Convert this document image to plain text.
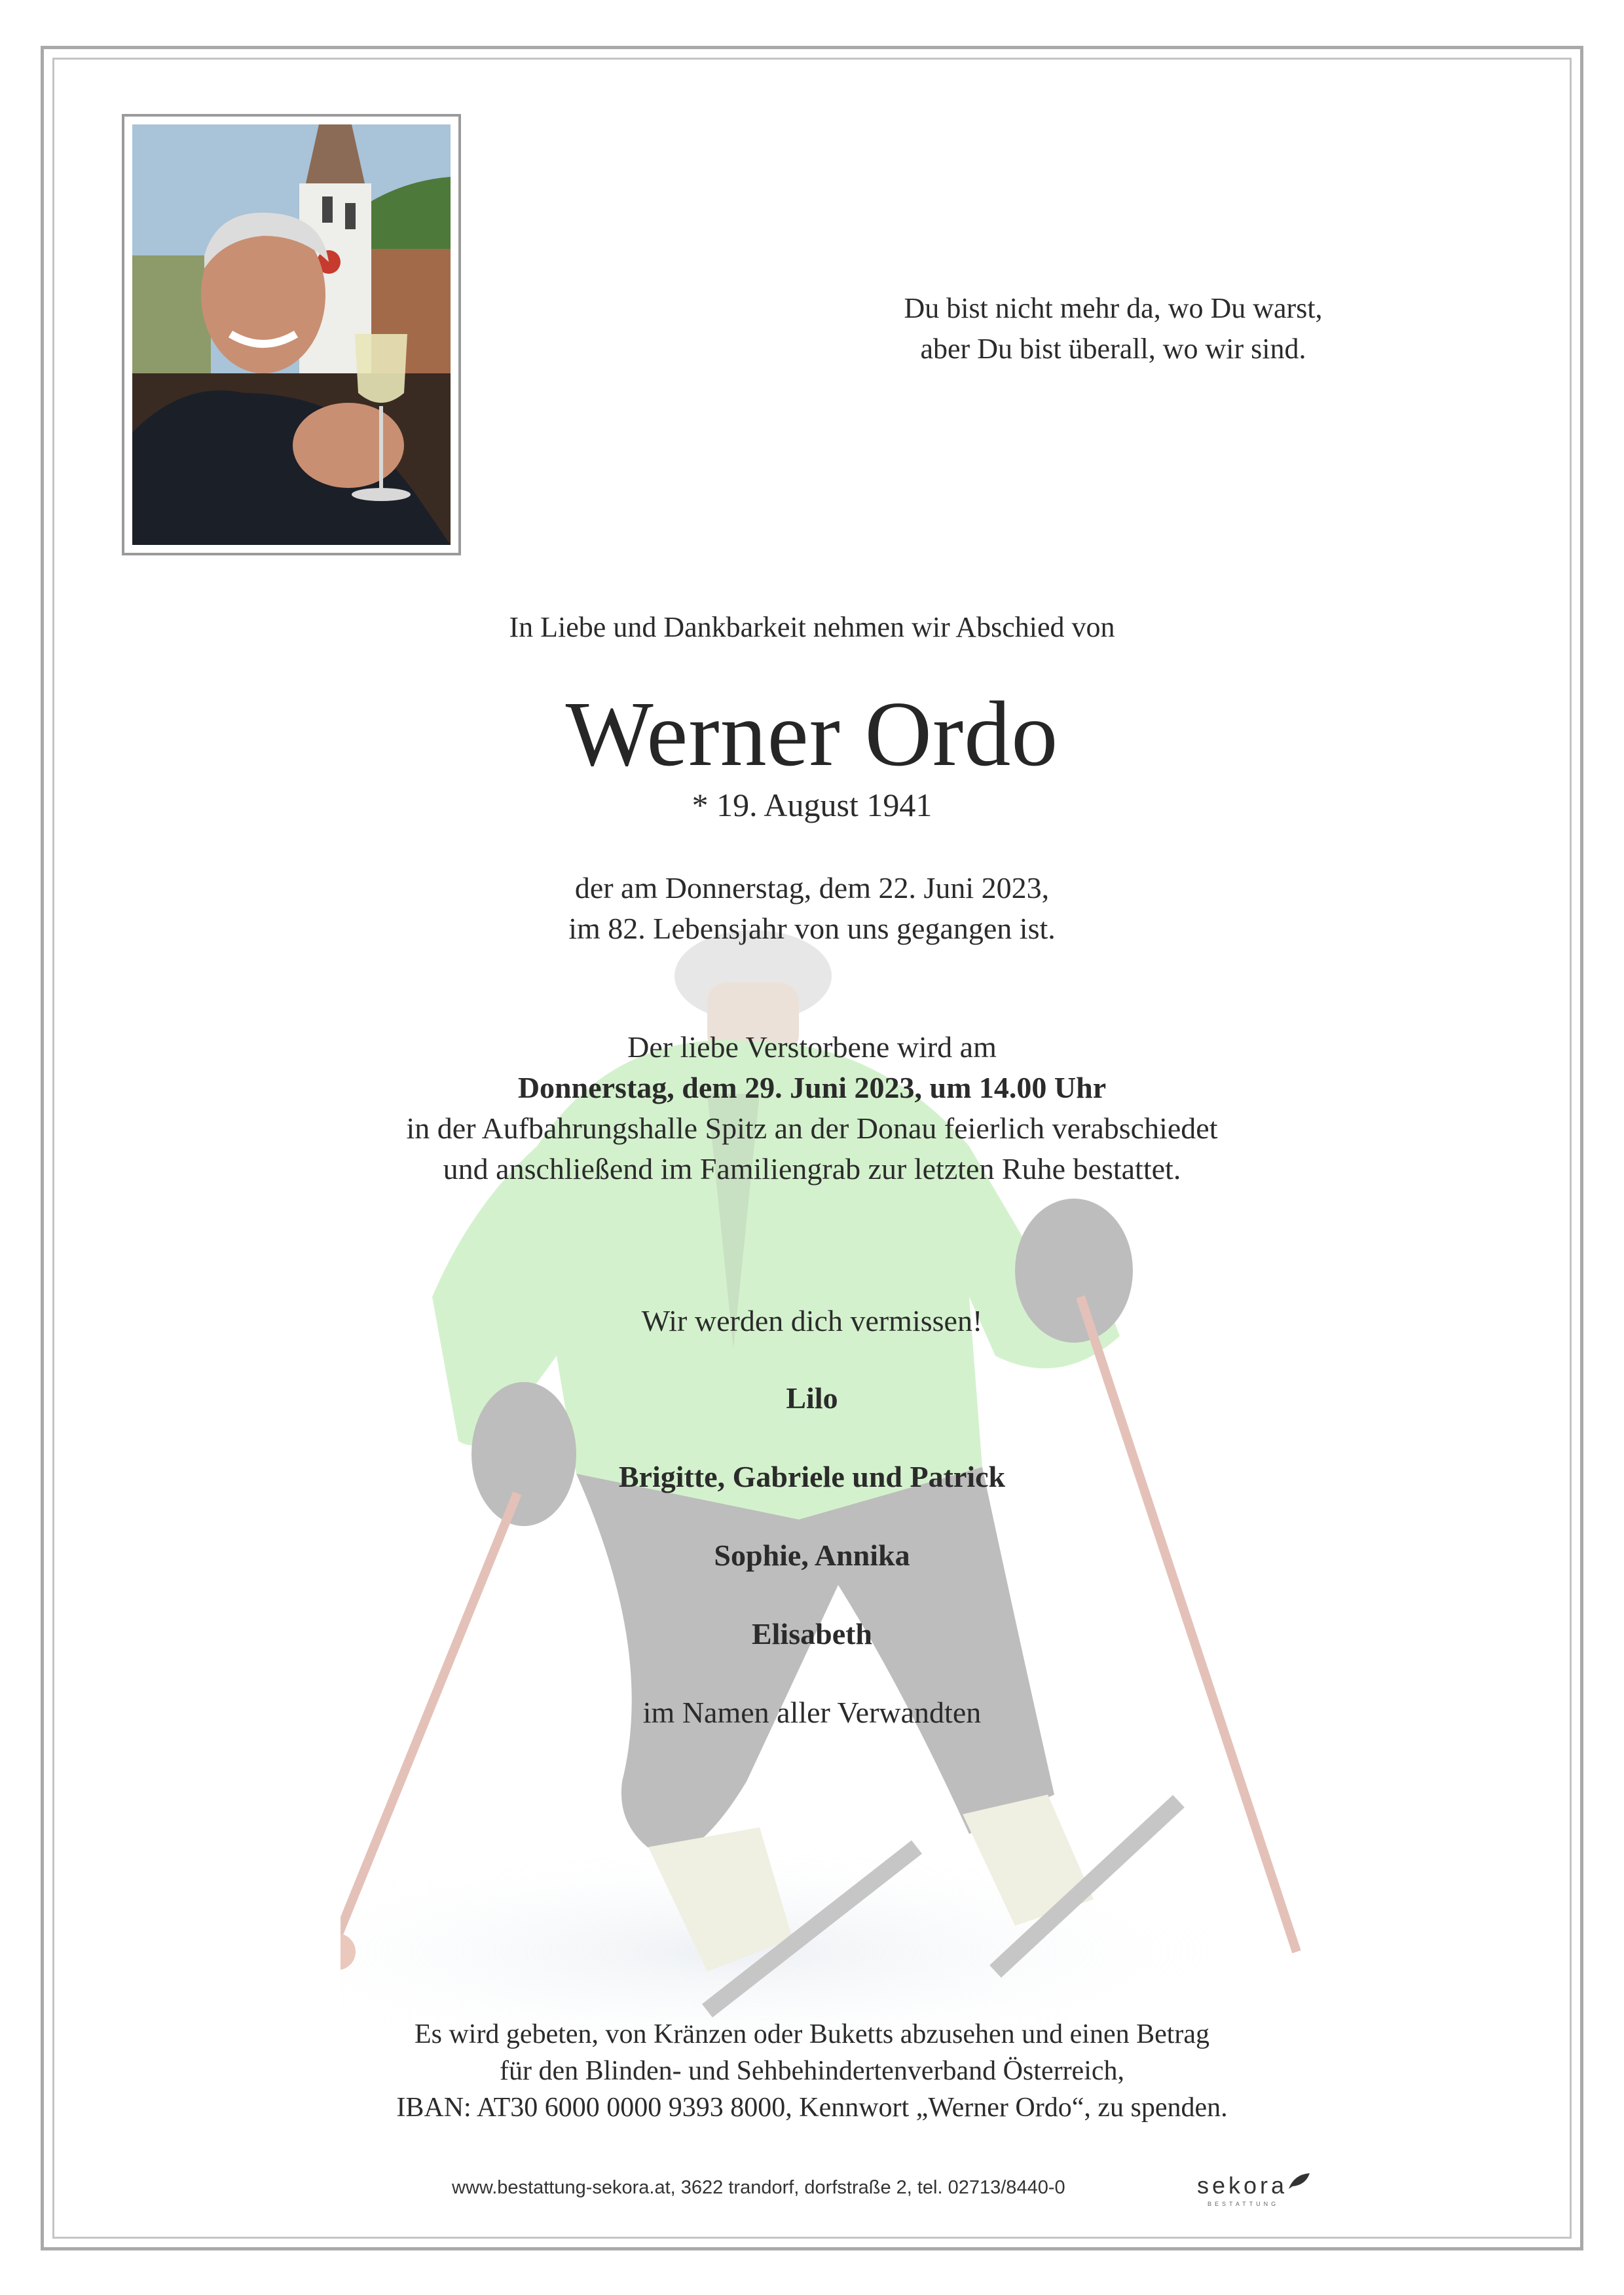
Du bist nicht mehr da, wo Du warst,
aber Du bist überall, wo wir sind.
In Liebe und Dankbarkeit nehmen wir Abschied von
Werner Ordo
* 19. August 1941
der am Donnerstag, dem 22. Juni 2023,
im 82. Lebensjahr von uns gegangen ist.
Der liebe Verstorbene wird am
Donnerstag, dem 29. Juni 2023, um 14.00 Uhr
in der Aufbahrungshalle Spitz an der Donau feierlich verabschiedet
und anschließend im Familiengrab zur letzten Ruhe bestattet.
Wir werden dich vermissen!
Lilo
Brigitte, Gabriele und Patrick
Sophie, Annika
Elisabeth
im Namen aller Verwandten
Es wird gebeten, von Kränzen oder Buketts abzusehen und einen Betrag
für den Blinden- und Sehbehindertenverband Österreich,
IBAN: AT30 6000 0000 9393 8000, Kennwort „Werner Ordo“, zu spenden.
www.bestattung-sekora.at, 3622 trandorf, dorfstraße 2, tel. 02713/8440-0	sekora
BESTATTUNG
